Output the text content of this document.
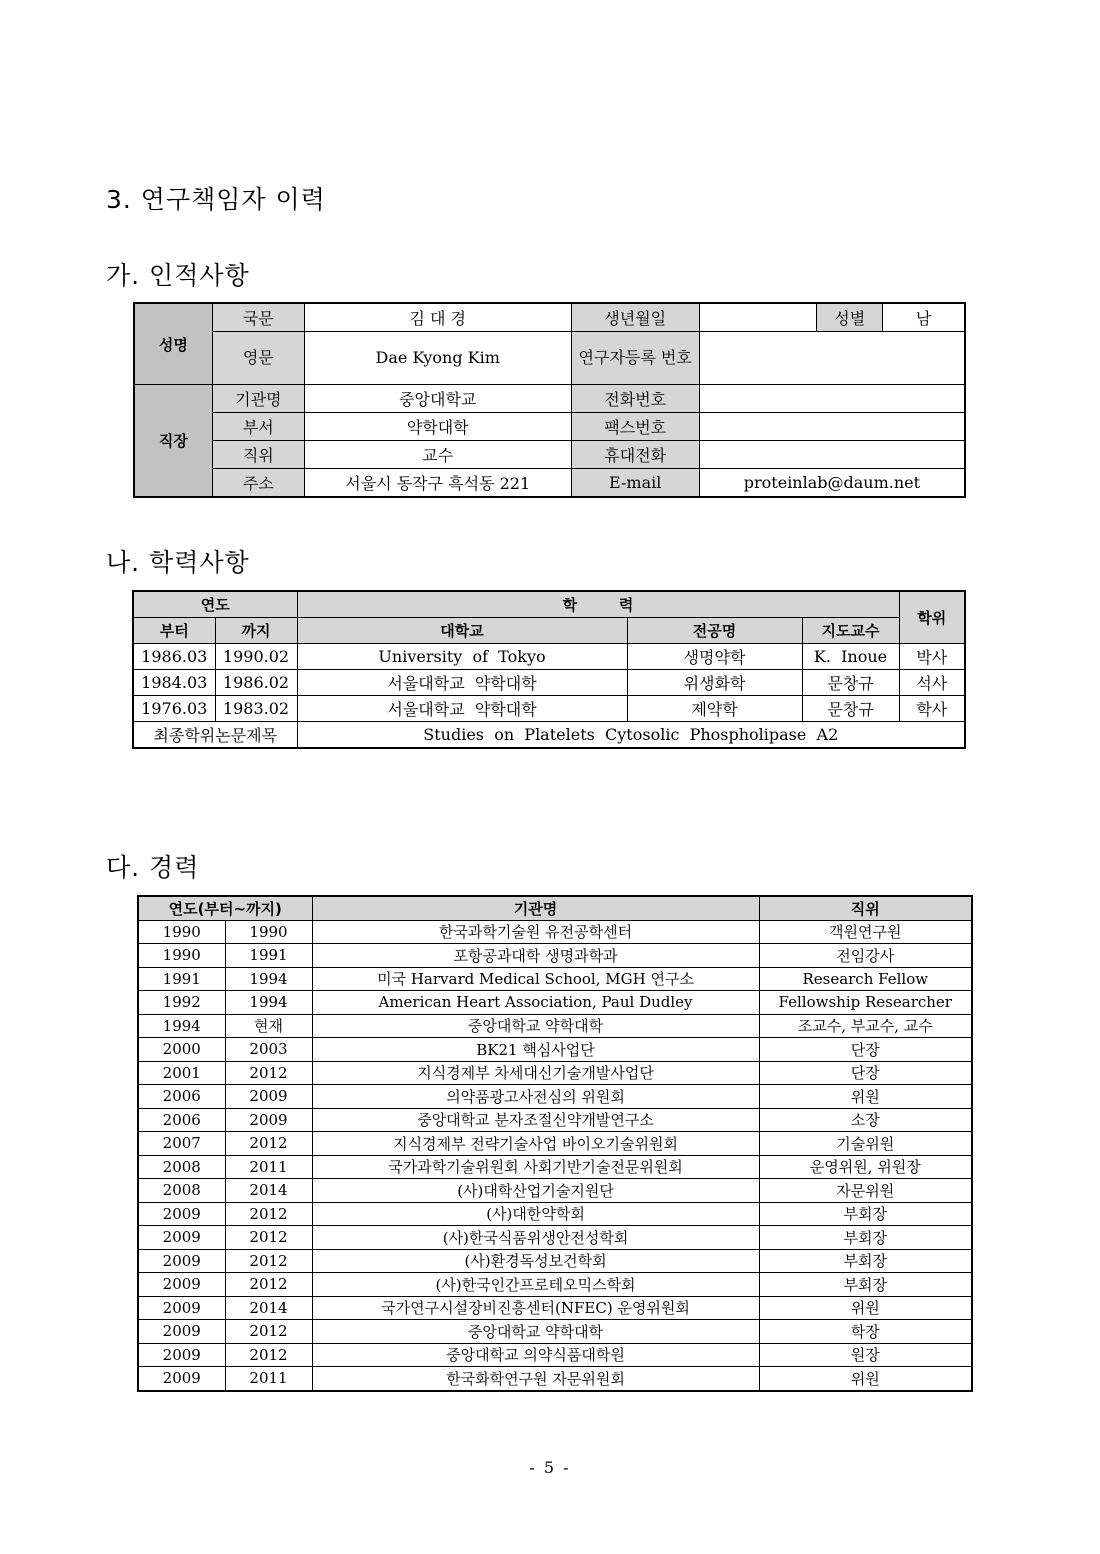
3. 연구책임자 이력
가. 인적사항
성명	국문	김 대 경	생년월일		성별	남
	영문	Dae Kyong Kim	연구자등록 번호			
직장	기관명	중앙대학교	전화번호			
	부서	약학대학	팩스번호			
	직위	교수	휴대전화			
	주소	서울시 동작구 흑석동 221	E-mail	proteinlab@daum.net		
나. 학력사항
연도		학        력			학위
부터	까지	대학교	전공명	지도교수	
1986.03	1990.02	University  of  Tokyo	생명약학	K.  Inoue	박사
1984.03	1986.02	서울대학교  약학대학	위생화학	문창규	석사
1976.03	1983.02	서울대학교  약학대학	제약학	문창규	학사
최종학위논문제목		Studies  on  Platelets  Cytosolic  Phospholipase  A2			
다. 경력
연도(부터~까지)		기관명	직위
1990	1990	한국과학기술원 유전공학센터	객원연구원
1990	1991	포항공과대학 생명과학과	전임강사
1991	1994	미국 Harvard Medical School, MGH 연구소	Research Fellow
1992	1994	American Heart Association, Paul Dudley	Fellowship Researcher
1994	현재	중앙대학교 약학대학	조교수, 부교수, 교수
2000	2003	BK21 핵심사업단	단장
2001	2012	지식경제부 차세대신기술개발사업단	단장
2006	2009	의약품광고사전심의 위원회	위원
2006	2009	중앙대학교 분자조절신약개발연구소	소장
2007	2012	지식경제부 전략기술사업 바이오기술위원회	기술위원
2008	2011	국가과학기술위원회 사회기반기술전문위원회	운영위원, 위원장
2008	2014	(사)대학산업기술지원단	자문위원
2009	2012	(사)대한약학회	부회장
2009	2012	(사)한국식품위생안전성학회	부회장
2009	2012	(사)환경독성보건학회	부회장
2009	2012	(사)한국인간프로테오믹스학회	부회장
2009	2014	국가연구시설장비진흥센터(NFEC) 운영위원회	위원
2009	2012	중앙대학교 약학대학	학장
2009	2012	중앙대학교 의약식품대학원	원장
2009	2011	한국화학연구원 자문위원회	위원
- 5 -
